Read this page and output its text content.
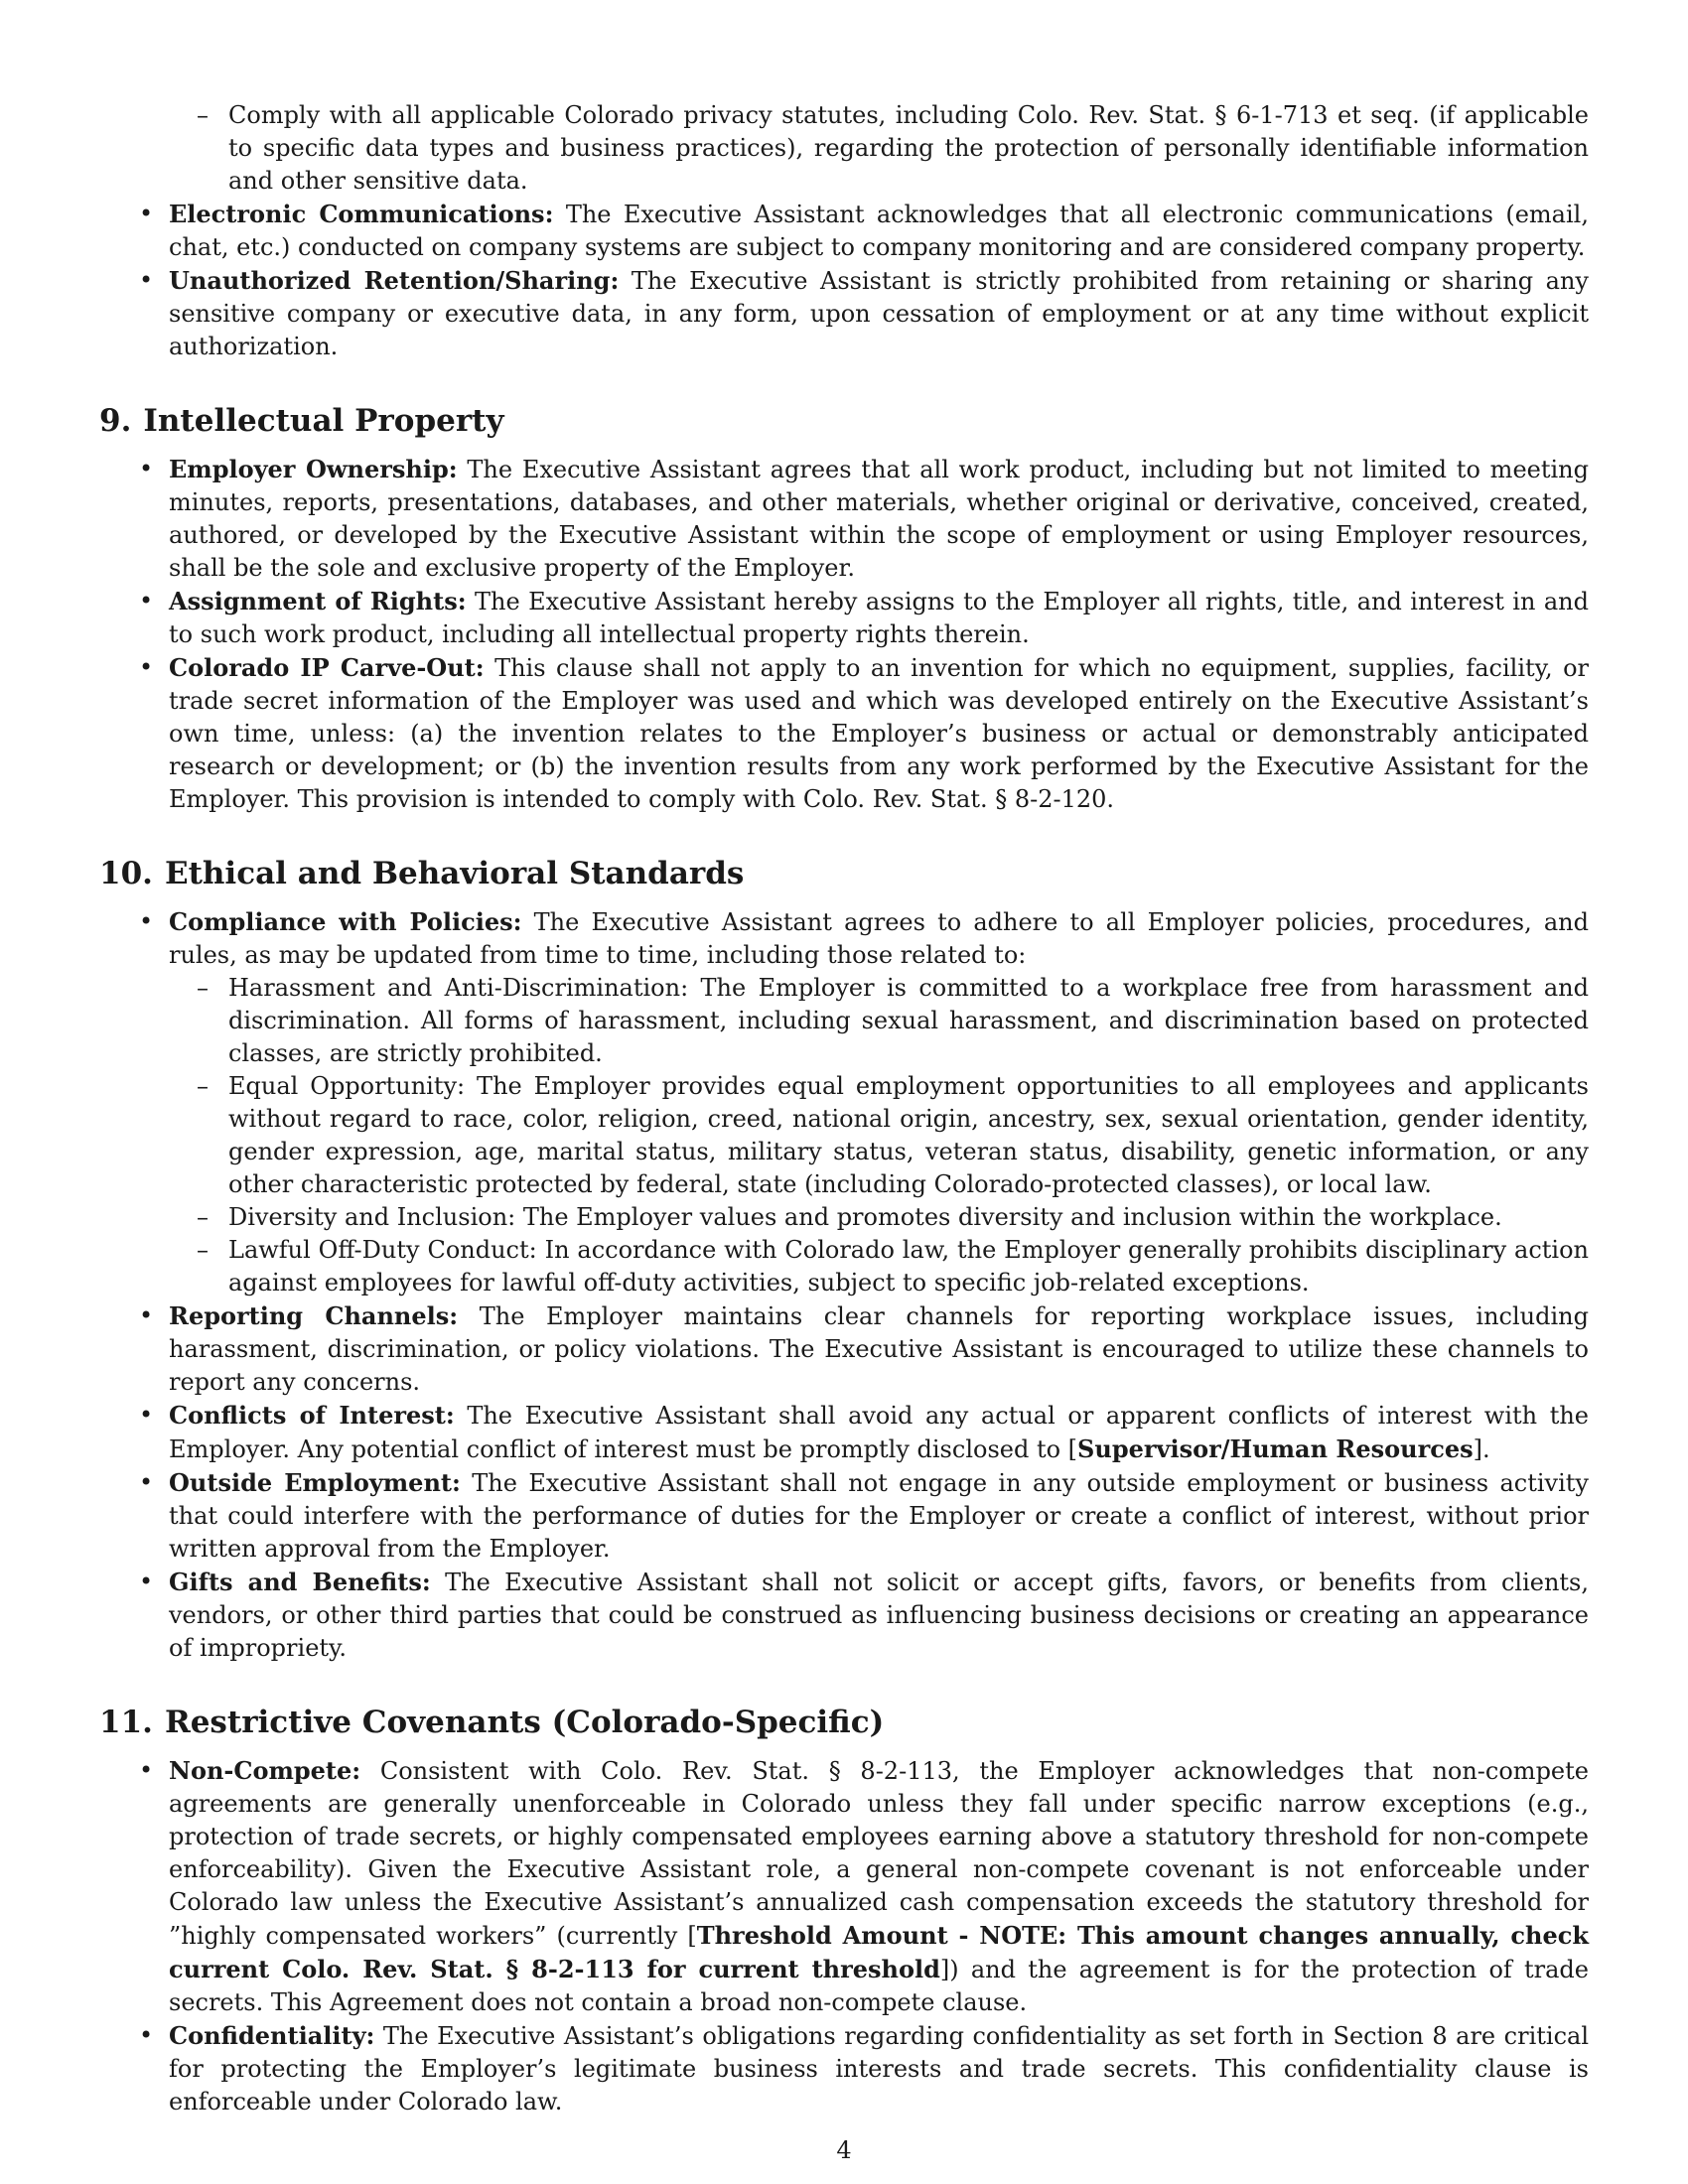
– Comply with all applicable Colorado privacy statutes, including Colo. Rev. Stat. § 6-1-713 et seq. (if applicable to specific data types and business practices), regarding the protection of personally identifiable information and other sensitive data.
• Electronic Communications: The Executive Assistant acknowledges that all electronic communications (email, chat, etc.) conducted on company systems are subject to company monitoring and are considered company property.
• Unauthorized Retention/Sharing: The Executive Assistant is strictly prohibited from retaining or sharing any sensitive company or executive data, in any form, upon cessation of employment or at any time without explicit authorization.
9. Intellectual Property
• Employer Ownership: The Executive Assistant agrees that all work product, including but not limited to meeting minutes, reports, presentations, databases, and other materials, whether original or derivative, conceived, created, authored, or developed by the Executive Assistant within the scope of employment or using Employer resources, shall be the sole and exclusive property of the Employer.
• Assignment of Rights: The Executive Assistant hereby assigns to the Employer all rights, title, and interest in and to such work product, including all intellectual property rights therein.
• Colorado IP Carve-Out: This clause shall not apply to an invention for which no equipment, supplies, facility, or trade secret information of the Employer was used and which was developed entirely on the Executive Assistant’s own time, unless: (a) the invention relates to the Employer’s business or actual or demonstrably anticipated research or development; or (b) the invention results from any work performed by the Executive Assistant for the Employer. This provision is intended to comply with Colo. Rev. Stat. § 8-2-120.
10. Ethical and Behavioral Standards
• Compliance with Policies: The Executive Assistant agrees to adhere to all Employer policies, procedures, and rules, as may be updated from time to time, including those related to:
– Harassment and Anti-Discrimination: The Employer is committed to a workplace free from harassment and discrimination. All forms of harassment, including sexual harassment, and discrimination based on protected classes, are strictly prohibited.
– Equal Opportunity: The Employer provides equal employment opportunities to all employees and applicants without regard to race, color, religion, creed, national origin, ancestry, sex, sexual orientation, gender identity, gender expression, age, marital status, military status, veteran status, disability, genetic information, or any other characteristic protected by federal, state (including Colorado-protected classes), or local law.
– Diversity and Inclusion: The Employer values and promotes diversity and inclusion within the workplace.
– Lawful Off-Duty Conduct: In accordance with Colorado law, the Employer generally prohibits disciplinary action against employees for lawful off-duty activities, subject to specific job-related exceptions.
• Reporting Channels: The Employer maintains clear channels for reporting workplace issues, including harassment, discrimination, or policy violations. The Executive Assistant is encouraged to utilize these channels to report any concerns.
• Conflicts of Interest: The Executive Assistant shall avoid any actual or apparent conflicts of interest with the Employer. Any potential conflict of interest must be promptly disclosed to [Supervisor/Human Resources].
• Outside Employment: The Executive Assistant shall not engage in any outside employment or business activity that could interfere with the performance of duties for the Employer or create a conflict of interest, without prior written approval from the Employer.
• Gifts and Benefits: The Executive Assistant shall not solicit or accept gifts, favors, or benefits from clients, vendors, or other third parties that could be construed as influencing business decisions or creating an appearance of impropriety.
11. Restrictive Covenants (Colorado-Specific)
• Non-Compete: Consistent with Colo. Rev. Stat. § 8-2-113, the Employer acknowledges that non-compete agreements are generally unenforceable in Colorado unless they fall under specific narrow exceptions (e.g., protection of trade secrets, or highly compensated employees earning above a statutory threshold for non-compete enforceability). Given the Executive Assistant role, a general non-compete covenant is not enforceable under Colorado law unless the Executive Assistant’s annualized cash compensation exceeds the statutory threshold for ”highly compensated workers” (currently [Threshold Amount - NOTE: This amount changes annually, check current Colo. Rev. Stat. § 8-2-113 for current threshold]) and the agreement is for the protection of trade secrets. This Agreement does not contain a broad non-compete clause.
• Confidentiality: The Executive Assistant’s obligations regarding confidentiality as set forth in Section 8 are critical for protecting the Employer’s legitimate business interests and trade secrets. This confidentiality clause is enforceable under Colorado law.
4
